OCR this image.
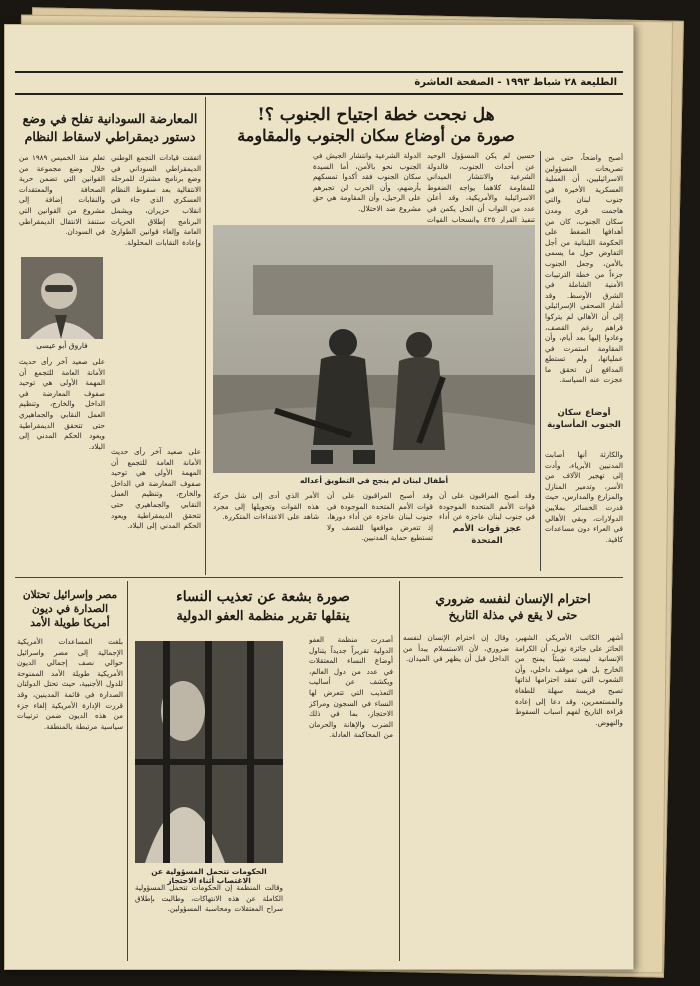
الطليعة ٢٨ شباط ١٩٩٣ - الصفحة العاشرة
هل نجحت خطة اجتياح الجنوب ؟!
صورة من أوضاع سكان الجنوب والمقاومة
أصبح واضحاً، حتى من تصريحات المسؤولين الاسرائيليين، أن العملية العسكرية الأخيرة في جنوب لبنان والتي هاجمت قرى ومدن سكان الجنوب، كان من أهدافها الضغط على الحكومة اللبنانية من أجل التفاوض حول ما يسمى بالأمن، وجعل الجنوب جزءاً من خطة الترتيبات الأمنية الشاملة في الشرق الأوسط. وقد أشار الصحفي الإسرائيلي إلى أن الأهالي لم يتركوا قراهم رغم القصف، وعادوا إليها بعد أيام، وأن المقاومة استمرت في عملياتها، ولم تستطع المدافع أن تحقق ما عجزت عنه السياسة.
أوضاع سكان الجنوب المأساوية
والكارثة أنها أصابت المدنيين الأبرياء، وأدت إلى تهجير الآلاف من الأسر، وتدمير المنازل والمزارع والمدارس، حيث قدرت الخسائر بملايين الدولارات، وبقي الأهالي في العراء دون مساعدات كافية.
حسين لم يكن المسؤول الوحيد عن أحداث الجنوب، فالدولة الشرعية والانتشار الميداني للمقاومة كلاهما يواجه الضغوط الاسرائيلية والأمريكية، وقد أعلن عدد من النواب أن الحل يكمن في تنفيذ القرار ٤٢٥ وانسحاب القوات
الدولة الشرعية وانتشار الجيش في الجنوب نحو بالأمن، أما السيدة سكان الجنوب فقد أكدوا تمسكهم بأرضهم، وأن الحرب لن تجبرهم على الرحيل، وأن المقاومة هي حق مشروع ضد الاحتلال.
أطفال لبنان لم ينجح في التطويق أعداله
وقد أصبح المراقبون على أن قوات الأمم المتحدة الموجودة في جنوب لبنان عاجزة عن أداء
عجز قوات الأمم المتحدة
وقد أصبح المراقبون على أن قوات الأمم المتحدة الموجودة في جنوب لبنان عاجزة عن أداء دورها، إذ تتعرض مواقعها للقصف ولا تستطيع حماية المدنيين.
الأمر الذي أدى إلى شل حركة هذه القوات وتحويلها إلى مجرد شاهد على الاعتداءات المتكررة.
المعارضة السودانية تفلح في وضع
دستور ديمقراطي لاسقاط النظام
اتفقت قيادات التجمع الوطني الديمقراطي السوداني في وضع برنامج مشترك للمرحلة الانتقالية بعد سقوط النظام العسكري الذي جاء في انقلاب حزيران، ويشمل البرنامج إطلاق الحريات العامة وإلغاء قوانين الطوارئ وإعادة النقابات المحلولة.
تعلم منذ الخميس ١٩٨٩ من خلال وضع مجموعة من القوانين التي تضمن حرية الصحافة والمعتقدات والنقابات إضافة إلى مشروع من القوانين التي ستنفذ الانتقال الديمقراطي في السودان.
فاروق أبو عيسى
على صعيد آخر رأى حديث الأمانة العامة للتجمع أن المهمة الأولى هي توحيد صفوف المعارضة في الداخل والخارج، وتنظيم العمل النقابي والجماهيري حتى تتحقق الديمقراطية ويعود الحكم المدني إلى البلاد.
على صعيد آخر رأى حديث الأمانة العامة للتجمع أن المهمة الأولى هي توحيد صفوف المعارضة في الداخل والخارج، وتنظيم العمل النقابي والجماهيري حتى تتحقق الديمقراطية ويعود الحكم المدني إلى البلاد.
احترام الإنسان لنفسه ضروري
حتى لا يقع في مذلة التاريخ
أشهر الكاتب الأمريكي الشهير، الحائز على جائزة نوبل، أن الكرامة الإنسانية ليست شيئاً يمنح من الخارج بل هي موقف داخلي، وأن الشعوب التي تفقد احترامها لذاتها تصبح فريسة سهلة للطغاة والمستعمرين، وقد دعا إلى إعادة قراءة التاريخ لفهم أسباب السقوط والنهوض.
وقال إن احترام الإنسان لنفسه ضروري، لأن الاستسلام يبدأ من الداخل قبل أن يظهر في الميدان.
صورة بشعة عن تعذيب النساء
ينقلها تقرير منظمة العفو الدولية
أصدرت منظمة العفو الدولية تقريراً جديداً يتناول أوضاع النساء المعتقلات في عدد من دول العالم، ويكشف عن أساليب التعذيب التي تتعرض لها النساء في السجون ومراكز الاحتجاز، بما في ذلك الضرب والإهانة والحرمان من المحاكمة العادلة.
الحكومات تتحمل المسؤولية عن الاغتصاب أثناء الاحتجاز
وقالت المنظمة إن الحكومات تتحمل المسؤولية الكاملة عن هذه الانتهاكات، وطالبت بإطلاق سراح المعتقلات ومحاسبة المسؤولين.
مصر وإسرائيل تحتلان
الصدارة في ديون
أمريكا طويلة الأمد
بلغت المساعدات الأمريكية الإجمالية إلى مصر واسرائيل حوالي نصف إجمالي الديون الأمريكية طويلة الأمد الممنوحة للدول الأجنبية، حيث تحتل الدولتان الصدارة في قائمة المدينين، وقد قررت الإدارة الأمريكية إلغاء جزء من هذه الديون ضمن ترتيبات سياسية مرتبطة بالمنطقة.
